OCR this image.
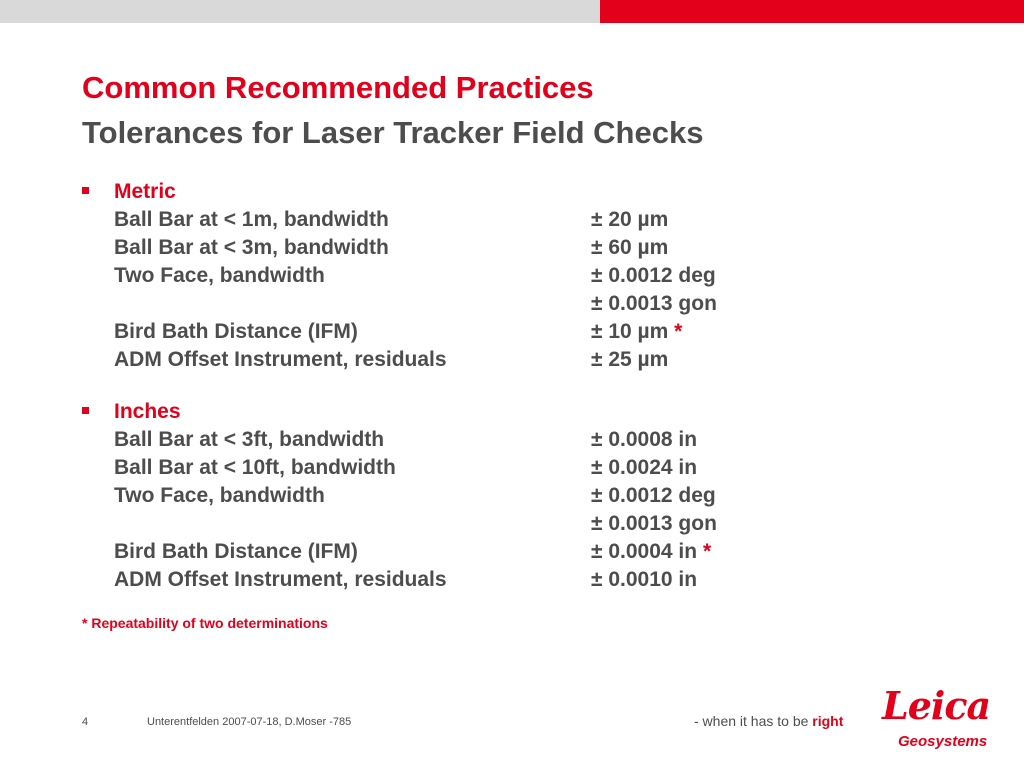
Common Recommended Practices
Tolerances for Laser Tracker Field Checks
Metric
Ball Bar at < 1m, bandwidth	± 20 µm
Ball Bar at < 3m, bandwidth	± 60 µm
Two Face, bandwidth	± 0.0012 deg
± 0.0013 gon
Bird Bath Distance (IFM)	± 10 µm *
ADM Offset Instrument, residuals	± 25 µm
Inches
Ball Bar at < 3ft, bandwidth	± 0.0008 in
Ball Bar at < 10ft, bandwidth	± 0.0024 in
Two Face, bandwidth	± 0.0012 deg
± 0.0013 gon
Bird Bath Distance (IFM)	± 0.0004 in *
ADM Offset Instrument, residuals	± 0.0010 in
* Repeatability of two determinations
4	Unterentfelden 2007-07-18, D.Moser -785	- when it has to be right Leica
Geosystems
